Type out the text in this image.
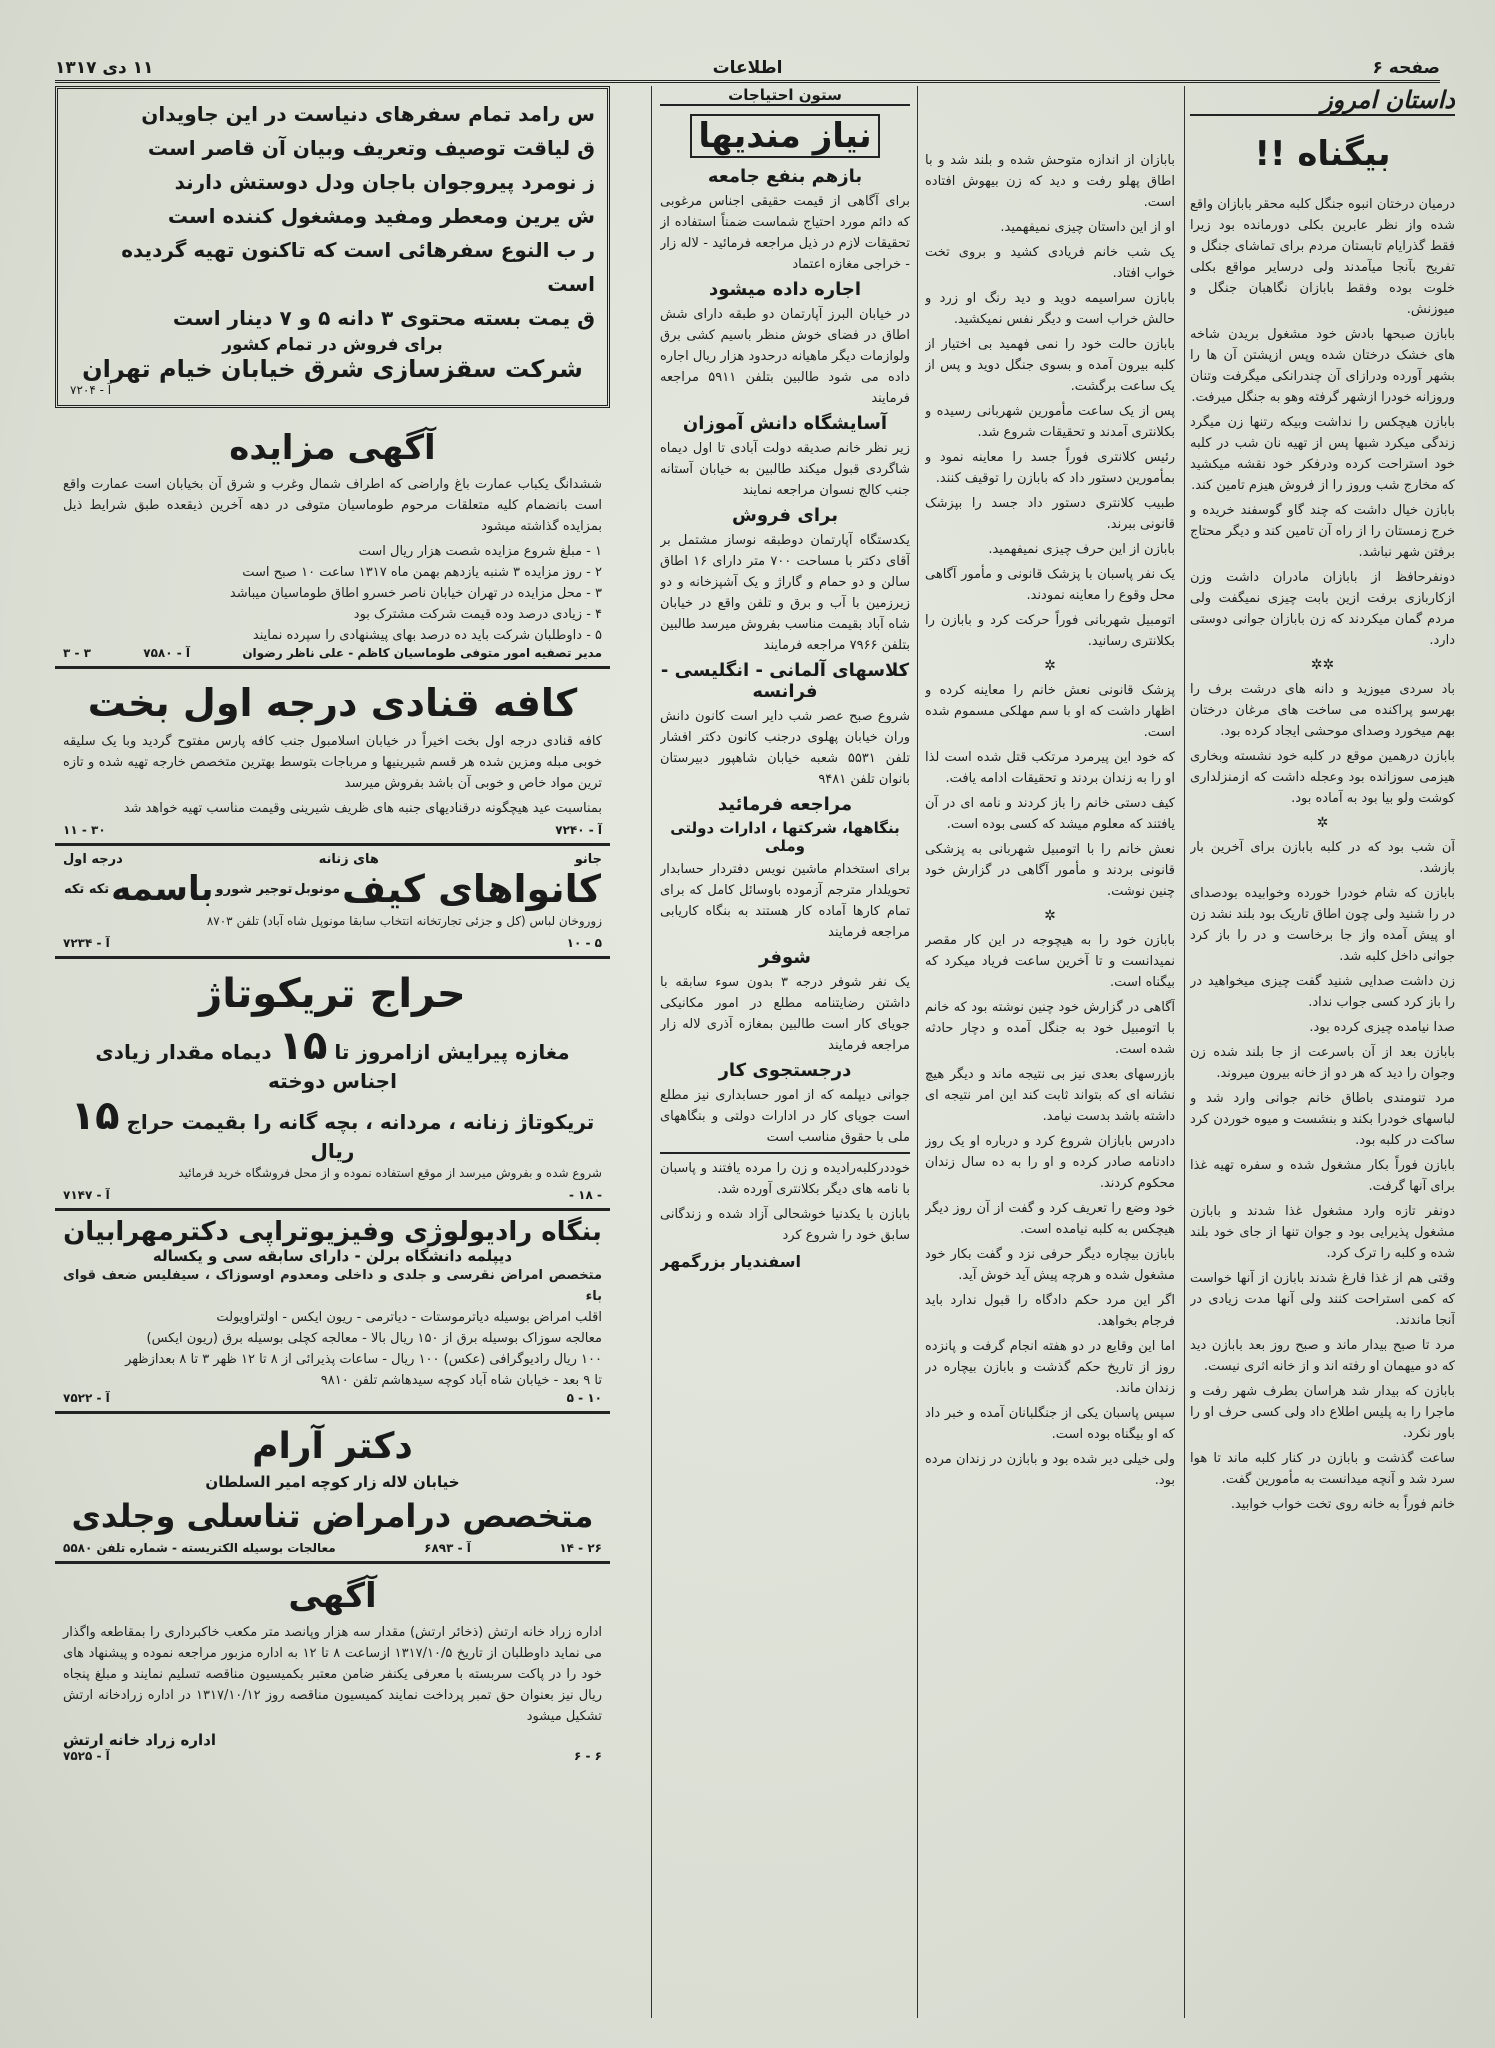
۱۱ دی ۱۳۱۷	اطلاعات	صفحه ۶
داستان امروز
بیگناه !!

درمیان درختان انبوه جنگل کلبه محقر بابازان واقع شده واز نظر عابرین بکلی دورمانده بود زیرا فقط گذرایام تابستان مردم برای تماشای جنگل و تفریح بآنجا میآمدند ولی درسایر مواقع بکلی خلوت بوده وفقط بابازان نگاهبان جنگل و میوزنش.

بابازن صبحها بادش خود مشغول بریدن شاخه های خشک درختان شده وپس ازپشتن آن ها را بشهر آورده ودرازای آن چندرانکی میگرفت وتنان وروزانه خودرا ازشهر گرفته وهو به جنگل میرفت.

بابازن هیچکس را نداشت وبیکه رتنها زن میگرد زندگی میکرد شبها پس از تهیه نان شب در کلبه خود استراحت کرده ودرفکر خود نقشه میکشید که مخارج شب وروز را از فروش هیزم تامین کند.

بابازن خیال داشت که چند گاو گوسفند خریده و خرج زمستان را از راه آن تامین کند و دیگر محتاج برفتن شهر نباشد.

دونفرحافظ از بابازان مادران داشت وزن ازکاربازی برفت ازین بابت چیزی نمیگفت ولی مردم گمان میکردند که زن بابازان جوانی دوستی دارد.

✲✲

باد سردی میوزید و دانه های درشت برف را بهرسو پراکنده می ساخت های مرغان درختان بهم میخورد وصدای موحشی ایجاد کرده بود.

بابازن درهمین موقع در کلبه خود نشسته وبخاری هیزمی سوزانده بود وعجله داشت که ازمنزلداری کوشت ولو بیا بود به آماده بود.

✲

آن شب بود که در کلبه بابازن برای آخرین بار بازشد.

بابازن که شام خودرا خورده وخوابیده بودصدای در را شنید ولی چون اطاق تاریک بود بلند نشد زن او پیش آمده واز جا برخاست و در را باز کرد جوانی داخل کلبه شد.

زن داشت صدایی شنید گفت چیزی میخواهید در را باز کرد کسی جواب نداد.

صدا نیامده چیزی کرده بود.

بابازن بعد از آن باسرعت از جا بلند شده زن وجوان را دید که هر دو از خانه بیرون میروند.

مرد تنومندی باطاق خانم جوانی وارد شد و لباسهای خودرا بکند و بنشست و میوه خوردن کرد ساکت در کلبه بود.

بابازن فوراً بکار مشغول شده و سفره تهیه غذا برای آنها گرفت.

دونفر تازه وارد مشغول غذا شدند و بابازن مشغول پذیرایی بود و جوان تنها از جای خود بلند شده و کلبه را ترک کرد.

وقتی هم از غذا فارغ شدند بابازن از آنها خواست که کمی استراحت کنند ولی آنها مدت زیادی در آنجا ماندند.

مرد تا صبح بیدار ماند و صبح روز بعد بابازن دید که دو میهمان او رفته اند و از خانه اثری نیست.

بابازن که بیدار شد هراسان بطرف شهر رفت و ماجرا را به پلیس اطلاع داد ولی کسی حرف او را باور نکرد.

ساعت گذشت و بابازن در کنار کلبه ماند تا هوا سرد شد و آنچه میدانست به مأمورین گفت.

خانم فوراً به خانه روی تخت خواب خوابید.

بابازان از اندازه متوحش شده و بلند شد و با اطاق پهلو رفت و دید که زن بیهوش افتاده است.

او از این داستان چیزی نمیفهمید.

یک شب خانم فریادی کشید و بروی تخت خواب افتاد.

بابازن سراسیمه دوید و دید رنگ او زرد و حالش خراب است و دیگر نفس نمیکشید.

بابازن حالت خود را نمی فهمید بی اختیار از کلبه بیرون آمده و بسوی جنگل دوید و پس از یک ساعت برگشت.

پس از یک ساعت مأمورین شهربانی رسیده و بکلانتری آمدند و تحقیقات شروع شد.

رئیس کلانتری فوراً جسد را معاینه نمود و بمأمورین دستور داد که بابازن را توقیف کنند.

طبیب کلانتری دستور داد جسد را بپزشک قانونی ببرند.

بابازن از این حرف چیزی نمیفهمید.

یک نفر پاسبان با پزشک قانونی و مأمور آگاهی محل وقوع را معاینه نمودند.

اتومبیل شهربانی فوراً حرکت کرد و بابازن را بکلانتری رسانید.

✲

پزشک قانونی نعش خانم را معاینه کرده و اظهار داشت که او با سم مهلکی مسموم شده است.

که خود این پیرمرد مرتکب قتل شده است لذا او را به زندان بردند و تحقیقات ادامه یافت.

کیف دستی خانم را باز کردند و نامه ای در آن یافتند که معلوم میشد که کسی بوده است.

نعش خانم را با اتومبیل شهربانی به پزشکی قانونی بردند و مأمور آگاهی در گزارش خود چنین نوشت.

✲

بابازن خود را به هیچوجه در این کار مقصر نمیدانست و تا آخرین ساعت فریاد میکرد که بیگناه است.

آگاهی در گزارش خود چنین نوشته بود که خانم با اتومبیل خود به جنگل آمده و دچار حادثه شده است.

بازرسهای بعدی نیز بی نتیجه ماند و دیگر هیچ نشانه ای که بتواند ثابت کند این امر نتیجه ای داشته باشد بدست نیامد.

دادرس بابازان شروع کرد و درباره او یک روز دادنامه صادر کرده و او را به ده سال زندان محکوم کردند.

خود وضع را تعریف کرد و گفت از آن روز دیگر هیچکس به کلبه نیامده است.

بابازن بیچاره دیگر حرفی نزد و گفت بکار خود مشغول شده و هرچه پیش آید خوش آید.

اگر این مرد حکم دادگاه را قبول ندارد باید فرجام بخواهد.

اما این وقایع در دو هفته انجام گرفت و پانزده روز از تاریخ حکم گذشت و بابازن بیچاره در زندان ماند.

سپس پاسبان یکی از جنگلبانان آمده و خبر داد که او بیگناه بوده است.

ولی خیلی دیر شده بود و بابازن در زندان مرده بود.

ستون احتیاجات
نیاز مندیها
بازهم بنفع جامعه

برای آگاهی از قیمت حقیقی اجناس مرغوبی که دائم مورد احتیاج شماست ضمناً استفاده از تحقیقات لازم در ذیل مراجعه فرمائید - لاله زار - خراجی مغازه اعتماد

اجاره داده میشود

در خیابان البرز آپارتمان دو طبقه دارای شش اطاق در فضای خوش منظر باسیم کشی برق ولوازمات دیگر ماهیانه درحدود هزار ریال اجاره داده می شود طالبین بتلفن ۵۹۱۱ مراجعه فرمایند

آسایشگاه دانش آموزان

زیر نظر خانم صدیقه دولت آبادی تا اول دیماه شاگردی قبول میکند طالبین به خیابان آستانه جنب کالج نسوان مراجعه نمایند

برای فروش

یکدستگاه آپارتمان دوطبقه نوساز مشتمل بر آقای دکتر با مساحت ۷۰۰ متر دارای ۱۶ اطاق سالن و دو حمام و گاراژ و یک آشپزخانه و دو زیرزمین با آب و برق و تلفن واقع در خیابان شاه آباد بقیمت مناسب بفروش میرسد طالبین بتلفن ۷۹۶۶ مراجعه فرمایند

کلاسهای آلمانی - انگلیسی - فرانسه

شروع صبح عصر شب دایر است کانون دانش وران خیابان پهلوی درجنب کانون دکتر افشار تلفن ۵۵۳۱ شعبه خیابان شاهپور دبیرستان بانوان تلفن ۹۴۸۱

مراجعه فرمائید
بنگاهها، شرکتها ، ادارات دولتی وملی

برای استخدام ماشین نویس دفتردار حسابدار تحویلدار مترجم آزموده باوسائل کامل که برای تمام کارها آماده کار هستند به بنگاه کاریابی مراجعه فرمایند

شوفر

یک نفر شوفر درجه ۳ بدون سوء سابقه با داشتن رضایتنامه مطلع در امور مکانیکی جویای کار است طالبین بمغازه آذری لاله زار مراجعه فرمایند

درجستجوی کار

جوانی دیپلمه که از امور حسابداری نیز مطلع است جویای کار در ادارات دولتی و بنگاههای ملی با حقوق مناسب است

خوددرکلبه‌رادیده و زن را مرده یافتند و پاسبان با نامه های دیگر بکلانتری آورده شد.

بابازن با یکدنیا خوشحالی آزاد شده و زندگانی سابق خود را شروع کرد

اسفندیار بزرگمهر
س رامد تمام سفرهای دنیاست در این جاویدان
ق لیاقت توصیف وتعریف وبیان آن قاصر است
ز نومرد پیروجوان باجان ودل دوستش دارند
ش یرین ومعطر ومفید ومشغول کننده است
ر ب النوع سفرهائی است که تاکنون تهیه گردیده است
ق یمت بسته محتوی ۳ دانه ۵ و ۷ دینار است
برای فروش در تمام کشور
شرکت سقزسازی شرق خیابان خیام تهران
آ - ۷۲۰۴
آگهی مزایده

ششدانگ یکباب عمارت باغ واراضی که اطراف شمال وغرب و شرق آن بخیابان است عمارت واقع است بانضمام کلیه متعلقات مرحوم طوماسیان متوفی در دهه آخرین ذیقعده طبق شرایط ذیل بمزایده گذاشته میشود

۱ - مبلغ شروع مزایده شصت هزار ریال است

۲ - روز مزایده ۳ شنبه یازدهم بهمن ماه ۱۳۱۷ ساعت ۱۰ صبح است

۳ - محل مزایده در تهران خیابان ناصر خسرو اطاق طوماسیان میباشد

۴ - زیادی درصد وده قیمت شرکت مشترک بود

۵ - داوطلبان شرکت باید ده درصد بهای پیشنهادی را سپرده نمایند

مدیر تصفیه امور متوفی طوماسیان کاظم - علی ناظر رضوان
آ - ۷۵۸۰
۳ - ۳
کافه قنادی درجه اول بخت

کافه قنادی درجه اول بخت اخیراً در خیابان اسلامبول جنب کافه پارس مفتوح گردید وبا یک سلیقه خوبی مبله ومزین شده هر قسم شیرینیها و مرباجات بتوسط بهترین متخصص خارجه تهیه شده و تازه ترین مواد خاص و خوبی آن باشد بفروش میرسد

بمناسبت عید هیچگونه درقنادیهای جنبه های ظریف شیرینی وقیمت مناسب تهیه خواهد شد

آ - ۷۲۴۰
۳۰ - ۱۱
جانو
های زنانه
درجه اول
کانواهای کیف
مونوبل
توجیر شورو
باسمه
تکه تکه

زوروخان لباس (کل و جزئی تجارتخانه انتخاب سابقا مونوپل شاه آباد) تلفن ۸۷۰۳

۵ - ۱۰
آ - ۷۲۳۴
حراج تریکوتاژ
مغازه پیرایش ازامروز تا ۱۵ دیماه مقدار زیادی اجناس دوخته
تریکوتاژ زنانه ، مردانه ، بچه گانه را بقیمت حراج ۱۵ ریال

شروع شده و بفروش میرسد از موقع استفاده نموده و از محل فروشگاه خرید فرمائید

- ۱۸ -
آ - ۷۱۴۷
بنگاه رادیولوژی وفیزیوتراپی دکترمهرابیان
دیپلمه دانشگاه برلن - دارای سابقه سی و یکساله

متخصص امراض نقرسی و جلدی و داخلی ومعدوم اوسوزاک ، سیفلیس ضعف قوای باء

اقلب امراض بوسیله دیاترموستات - دیاترمی - ریون ایکس - اولتراویولت

معالجه سوزاک بوسیله برق از ۱۵۰ ریال بالا - معالجه کچلی بوسیله برق (ریون ایکس)

۱۰۰ ریال رادیوگرافی (عکس) ۱۰۰ ریال - ساعات پذیرائی از ۸ تا ۱۲ ظهر ۳ تا ۸ بعدازظهر

تا ۹ بعد - خیابان شاه آباد کوچه سیدهاشم تلفن ۹۸۱۰

۱۰ - ۵
آ - ۷۵۲۲
دکتر آرام
خیابان لاله زار کوچه امیر السلطان
متخصص درامراض تناسلی وجلدی
۲۶ - ۱۴
آ - ۶۸۹۳
معالجات بوسیله الکتریسته - شماره تلفن ۵۵۸۰
آگهی

اداره زراد خانه ارتش (ذخائر ارتش) مقدار سه هزار وپانصد متر مکعب خاکبرداری را بمقاطعه واگذار می نماید داوطلبان از تاریخ ۱۳۱۷/۱۰/۵ ازساعت ۸ تا ۱۲ به اداره مزبور مراجعه نموده و پیشنهاد های خود را در پاکت سربسته با معرفی یکنفر ضامن معتبر بکمیسیون مناقصه تسلیم نمایند و مبلغ پنجاه ریال نیز بعنوان حق تمبر پرداخت نمایند کمیسیون مناقصه روز ۱۳۱۷/۱۰/۱۲ در اداره زرادخانه ارتش تشکیل میشود

اداره زراد خانه ارتش
۶ - ۶
آ - ۷۵۲۵
